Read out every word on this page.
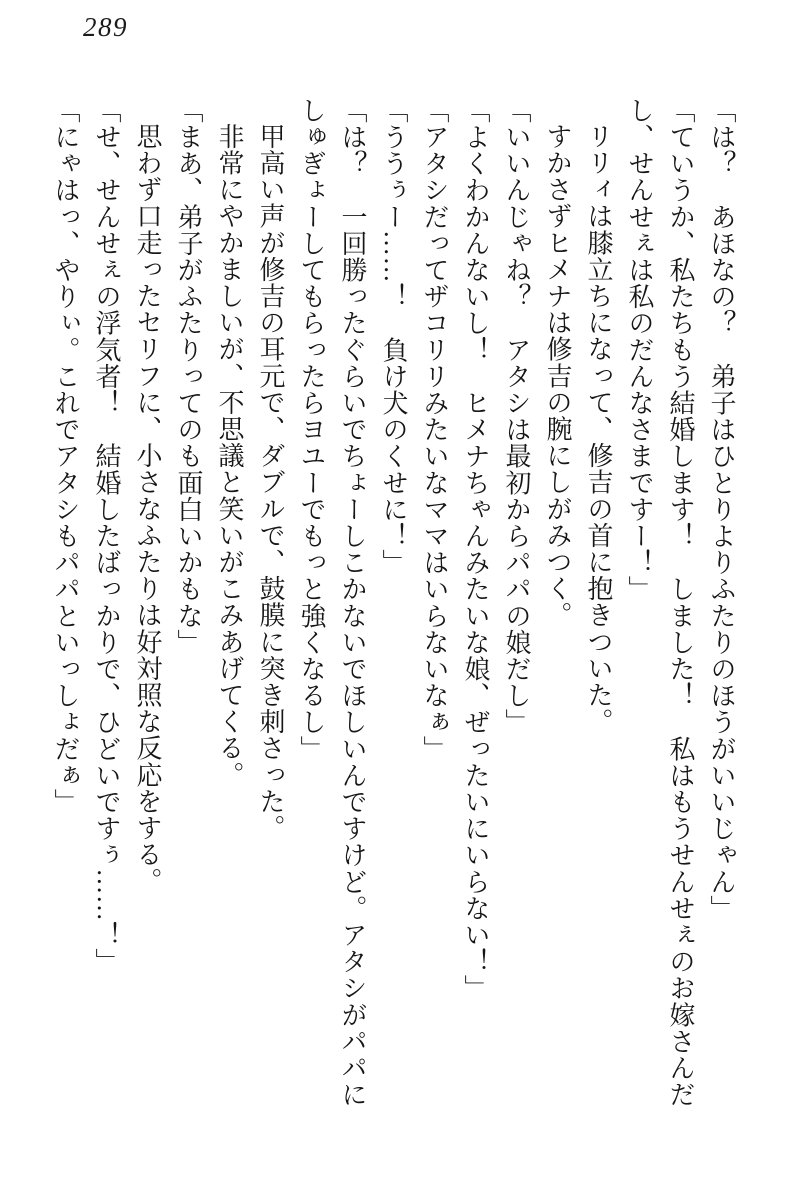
289

「は？　あほなの？　弟子はひとりよりふたりのほうがいいじゃん」

「ていうか、私たちもう結婚します！　しました！　私はもうせんせぇのお嫁さんだ

し、せんせぇは私のだんなさまですー！」

リリィは膝立ちになって、修吉の首に抱きついた。

すかさずヒメナは修吉の腕にしがみつく。

「いいんじゃね？　アタシは最初からパパの娘だし」

「よくわかんないし！　ヒメナちゃんみたいな娘、ぜったいにいらない！」

「アタシだってザコリリみたいなママはいらないなぁ」

「ううぅー……！　負け犬のくせに！」

「は？　一回勝ったぐらいでちょーしこかないでほしいんですけど。アタシがパパに

しゅぎょーしてもらったらヨユーでもっと強くなるし」

甲高い声が修吉の耳元で、ダブルで、鼓膜に突き刺さった。

非常にやかましいが、不思議と笑いがこみあげてくる。

「まあ、弟子がふたりってのも面白いかもな」

思わず口走ったセリフに、小さなふたりは好対照な反応をする。

「せ、せんせぇの浮気者！　結婚したばっかりで、ひどいですぅ……！」

「にゃはっ、やりぃ。これでアタシもパパといっしょだぁ」
